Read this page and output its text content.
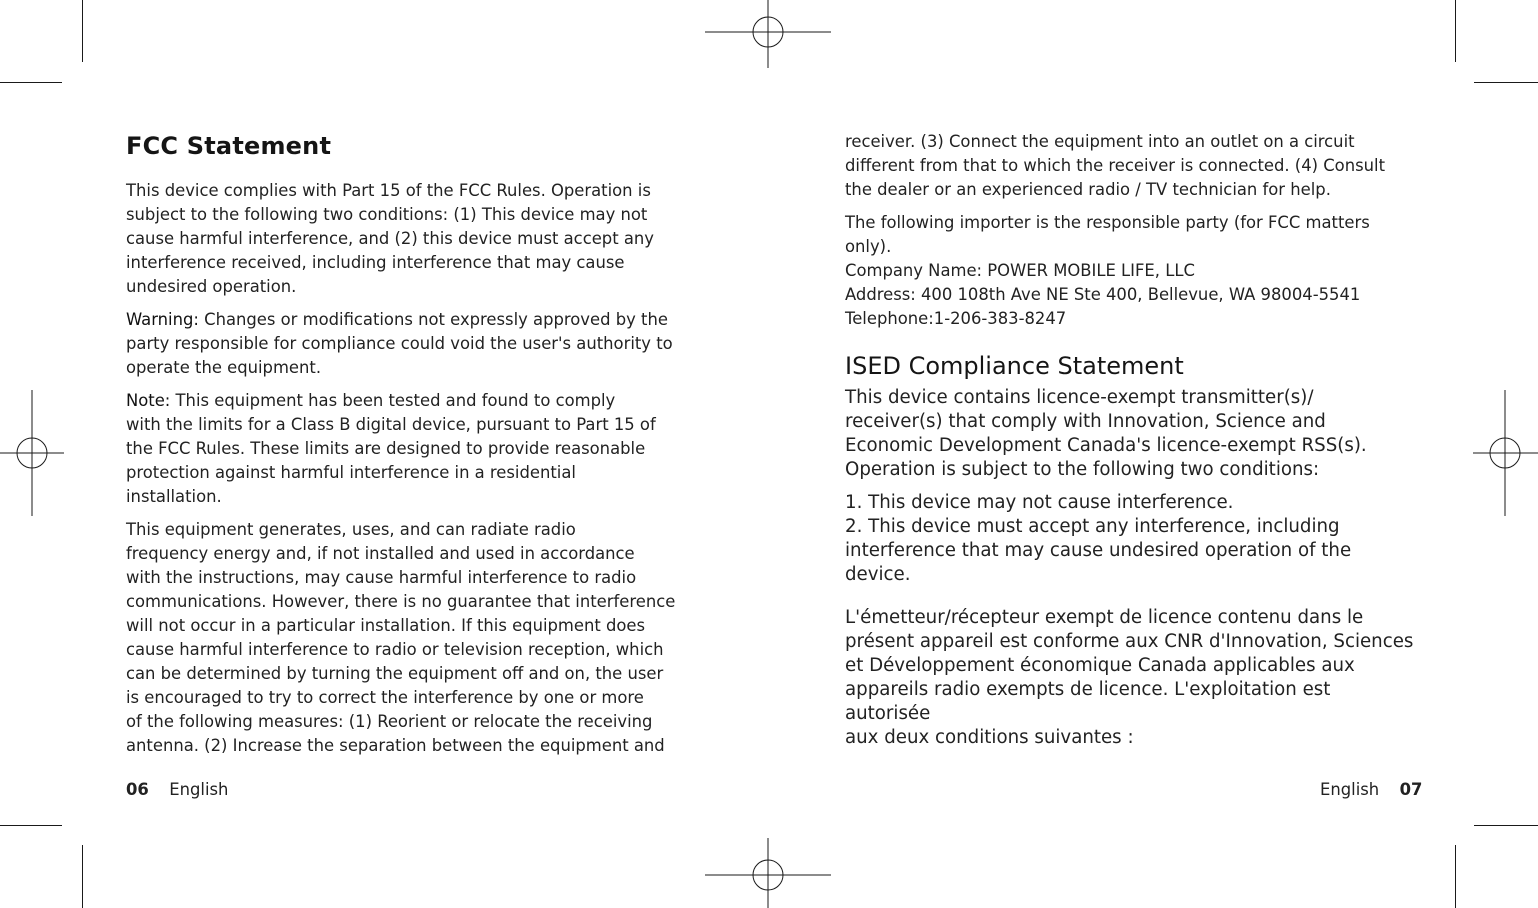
FCC Statement

This device complies with Part 15 of the FCC Rules. Operation is
subject to the following two conditions: (1) This device may not
cause harmful interference, and (2) this device must accept any
interference received, including interference that may cause
undesired operation.

Warning: Changes or modifications not expressly approved by the
party responsible for compliance could void the user's authority to
operate the equipment.

Note: This equipment has been tested and found to comply
with the limits for a Class B digital device, pursuant to Part 15 of
the FCC Rules. These limits are designed to provide reasonable
protection against harmful interference in a residential
installation.

This equipment generates, uses, and can radiate radio
frequency energy and, if not installed and used in accordance
with the instructions, may cause harmful interference to radio
communications. However, there is no guarantee that interference
will not occur in a particular installation. If this equipment does
cause harmful interference to radio or television reception, which
can be determined by turning the equipment off and on, the user
is encouraged to try to correct the interference by one or more
of the following measures: (1) Reorient or relocate the receiving
antenna. (2) Increase the separation between the equipment and

06 English

receiver. (3) Connect the equipment into an outlet on a circuit
different from that to which the receiver is connected. (4) Consult
the dealer or an experienced radio / TV technician for help.

The following importer is the responsible party (for FCC matters
only).
Company Name: POWER MOBILE LIFE, LLC
Address: 400 108th Ave NE Ste 400, Bellevue, WA 98004-5541
Telephone:1-206-383-8247

ISED Compliance Statement

This device contains licence-exempt transmitter(s)/
receiver(s) that comply with Innovation, Science and
Economic Development Canada's licence-exempt RSS(s).
Operation is subject to the following two conditions:

1. This device may not cause interference.
2. This device must accept any interference, including
interference that may cause undesired operation of the device.

L'émetteur/récepteur exempt de licence contenu dans le
présent appareil est conforme aux CNR d'Innovation, Sciences
et Développement économique Canada applicables aux
appareils radio exempts de licence. L'exploitation est autorisée
aux deux conditions suivantes :

English 07
